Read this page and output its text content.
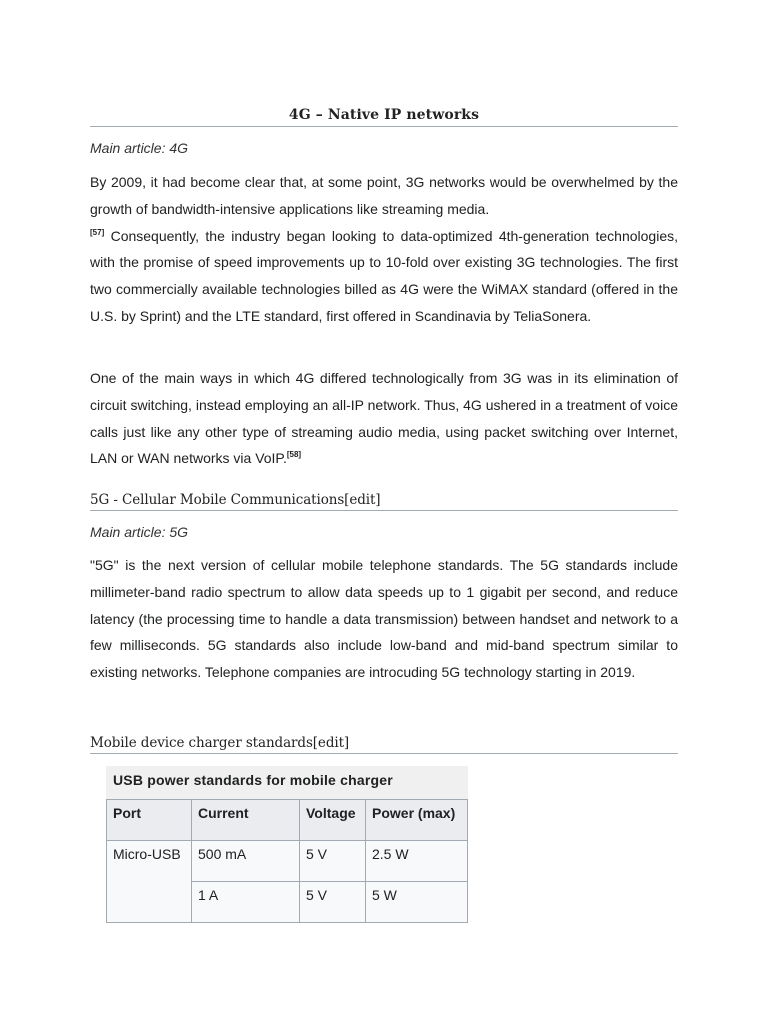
4G – Native IP networks
Main article: 4G

By 2009, it had become clear that, at some point, 3G networks would be overwhelmed by the growth of bandwidth-intensive applications like streaming media.
[57] Consequently, the industry began looking to data-optimized 4th-generation technologies, with the promise of speed improvements up to 10-fold over existing 3G technologies. The first two commercially available technologies billed as 4G were the WiMAX standard (offered in the U.S. by Sprint) and the LTE standard, first offered in Scandinavia by TeliaSonera.

One of the main ways in which 4G differed technologically from 3G was in its elimination of circuit switching, instead employing an all-IP network. Thus, 4G ushered in a treatment of voice calls just like any other type of streaming audio media, using packet switching over Internet, LAN or WAN networks via VoIP.[58]

5G - Cellular Mobile Communications[edit]
Main article: 5G

"5G" is the next version of cellular mobile telephone standards. The 5G standards include millimeter-band radio spectrum to allow data speeds up to 1 gigabit per second, and reduce latency (the processing time to handle a data transmission) between handset and network to a few milliseconds. 5G standards also include low-band and mid-band spectrum similar to existing networks. Telephone companies are introcuding 5G technology starting in 2019.

Mobile device charger standards[edit]
USB power standards for mobile charger
Port	Current	Voltage	Power (max)
Micro-USB	500 mA	5 V	2.5 W
	1 A	5 V	5 W
